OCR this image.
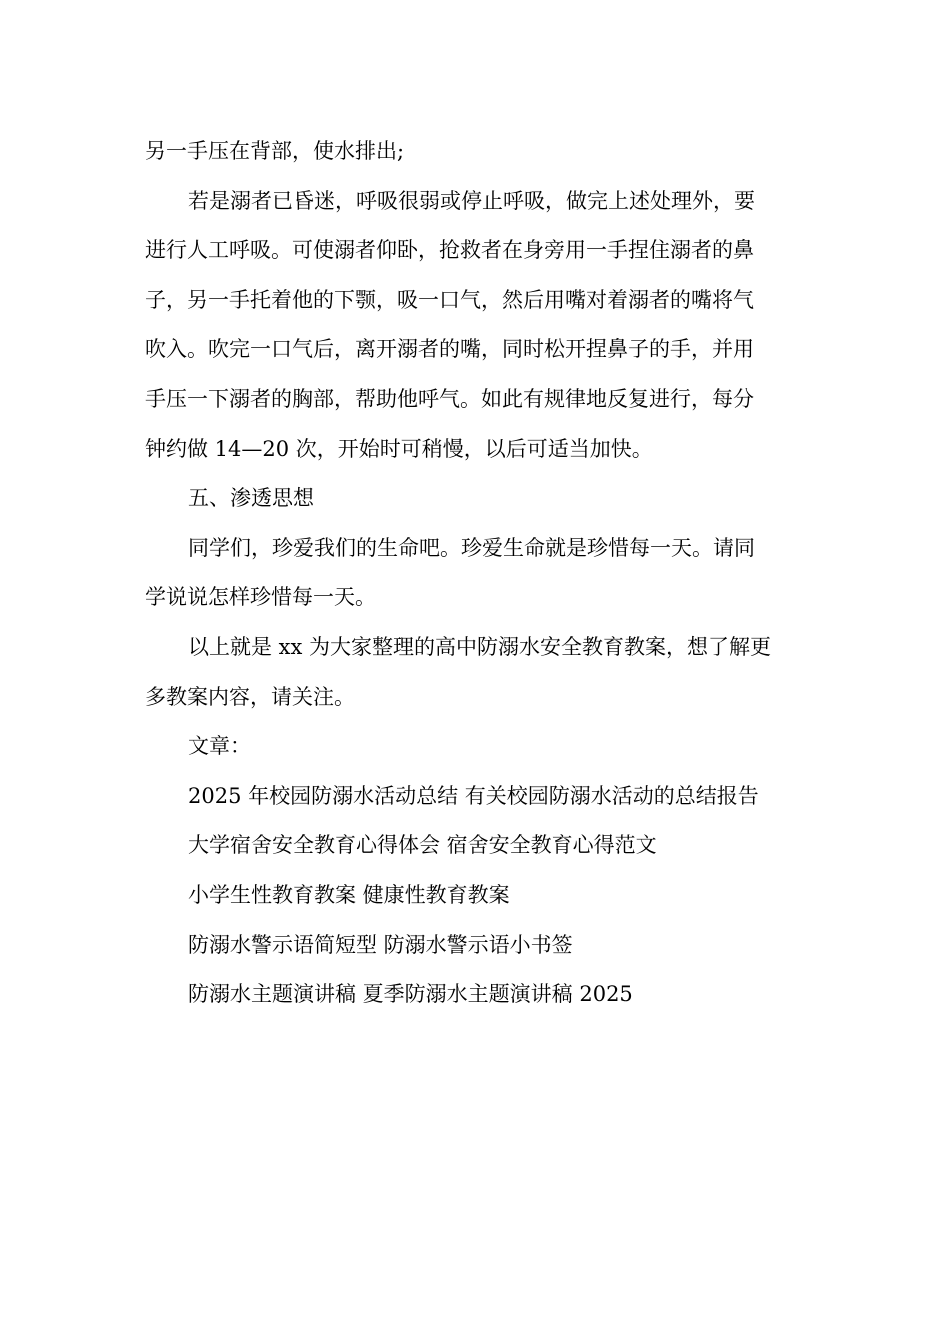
另一手压在背部，使水排出;

若是溺者已昏迷，呼吸很弱或停止呼吸，做完上述处理外，要

进行人工呼吸。可使溺者仰卧，抢救者在身旁用一手捏住溺者的鼻

子，另一手托着他的下颚，吸一口气，然后用嘴对着溺者的嘴将气

吹入。吹完一口气后，离开溺者的嘴，同时松开捏鼻子的手，并用

手压一下溺者的胸部，帮助他呼气。如此有规律地反复进行，每分

钟约做 14—20 次，开始时可稍慢，以后可适当加快。

五、渗透思想

同学们，珍爱我们的生命吧。珍爱生命就是珍惜每一天。请同

学说说怎样珍惜每一天。

以上就是 xx 为大家整理的高中防溺水安全教育教案，想了解更

多教案内容，请关注。

文章：

2025 年校园防溺水活动总结 有关校园防溺水活动的总结报告

大学宿舍安全教育心得体会 宿舍安全教育心得范文

小学生性教育教案 健康性教育教案

防溺水警示语简短型 防溺水警示语小书签

防溺水主题演讲稿 夏季防溺水主题演讲稿 2025
